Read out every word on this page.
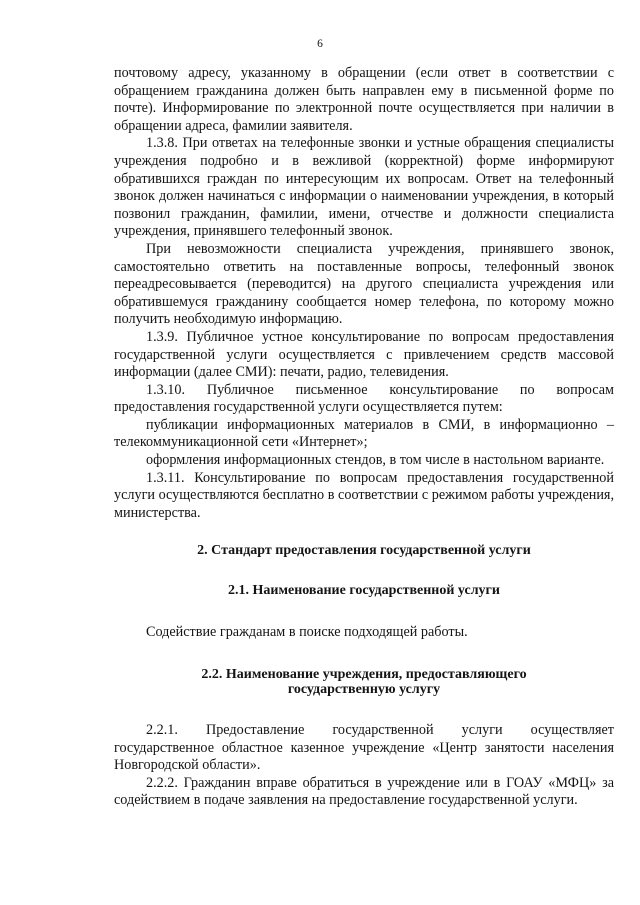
6

почтовому адресу, указанному в обращении (если ответ в соответствии с обращением гражданина должен быть направлен ему в письменной форме по почте). Информирование по электронной почте осуществляется при наличии в обращении адреса, фамилии заявителя.

1.3.8. При ответах на телефонные звонки и устные обращения специалисты учреждения подробно и в вежливой (корректной) форме информируют обратившихся граждан по интересующим их вопросам. Ответ на телефонный звонок должен начинаться с информации о наименовании учреждения, в который позвонил гражданин, фамилии, имени, отчестве и должности специалиста учреждения, принявшего телефонный звонок.

При невозможности специалиста учреждения, принявшего звонок, самостоятельно ответить на поставленные вопросы, телефонный звонок переадресовывается (переводится) на другого специалиста учреждения или обратившемуся гражданину сообщается номер телефона, по которому можно получить необходимую информацию.

1.3.9. Публичное устное консультирование по вопросам предоставления государственной услуги осуществляется с привлечением средств массовой информации (далее СМИ): печати, радио, телевидения.

1.3.10. Публичное письменное консультирование по вопросам предоставления государственной услуги осуществляется путем:

публикации информационных материалов в СМИ, в информационно – телекоммуникационной сети «Интернет»;

оформления информационных стендов, в том числе в настольном варианте.

1.3.11. Консультирование по вопросам предоставления государственной услуги осуществляются бесплатно в соответствии с режимом работы учреждения, министерства.

2. Стандарт предоставления государственной услуги
2.1. Наименование государственной услуги

Содействие гражданам в поиске подходящей работы.

2.2. Наименование учреждения, предоставляющего
государственную услугу

2.2.1. Предоставление государственной услуги осуществляет государственное областное казенное учреждение «Центр занятости населения Новгородской области».

2.2.2. Гражданин вправе обратиться в учреждение или в ГОАУ «МФЦ» за содействием в подаче заявления на предоставление государственной услуги.
